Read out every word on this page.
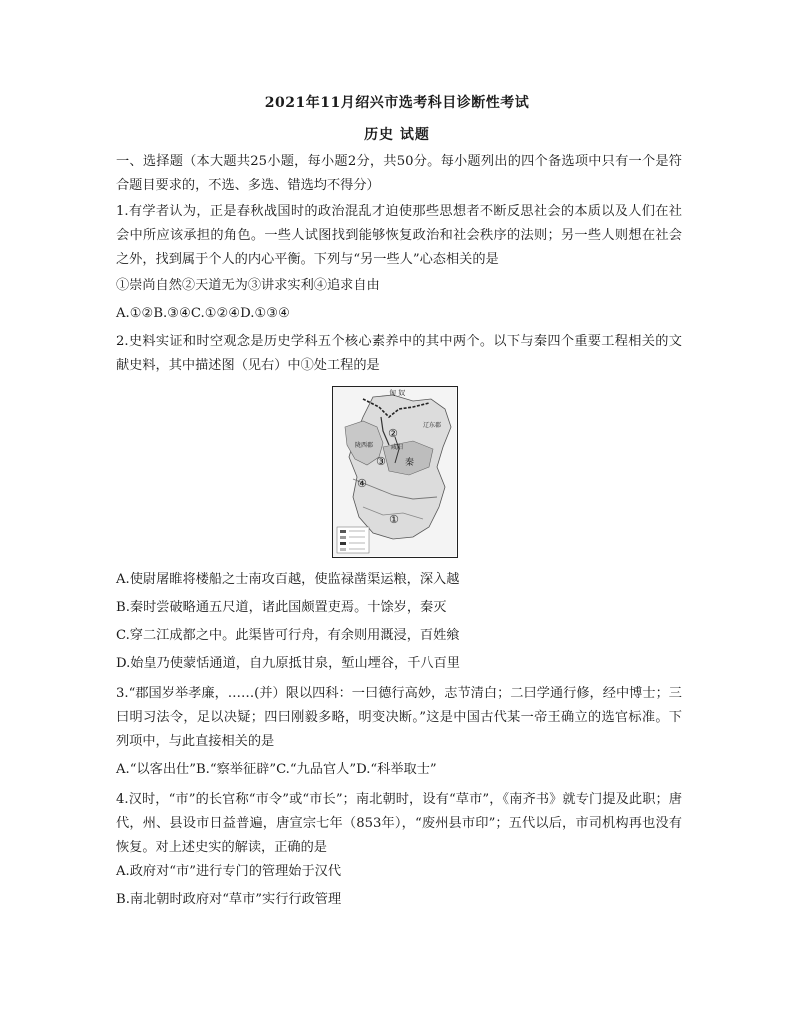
2021年11月绍兴市选考科目诊断性考试
历史 试题
一、选择题（本大题共25小题，每小题2分，共50分。每小题列出的四个备选项中只有一个是符合题目要求的，不选、多选、错选均不得分）
1.有学者认为，正是春秋战国时的政治混乱才迫使那些思想者不断反思社会的本质以及人们在社会中所应该承担的角色。一些人试图找到能够恢复政治和社会秩序的法则；另一些人则想在社会之外，找到属于个人的内心平衡。下列与“另一些人”心态相关的是
①崇尚自然②天道无为③讲求实利④追求自由
A.①②B.③④C.①②④D.①③④
2.史料实证和时空观念是历史学科五个核心素养中的其中两个。以下与秦四个重要工程相关的文献史料，其中描述图（见右）中①处工程的是
匈 奴
辽东郡
陇西郡	咸阳
秦
②
③
④
①
A.使尉屠睢将楼船之士南攻百越，使监禄凿渠运粮，深入越
B.秦时尝破略通五尺道，诸此国颇置吏焉。十馀岁，秦灭
C.穿二江成都之中。此渠皆可行舟，有余则用溉浸，百姓飨
D.始皇乃使蒙恬通道，自九原抵甘泉，堑山堙谷，千八百里
3.“郡国岁举孝廉，……(并）限以四科：一曰德行高妙，志节清白；二曰学通行修，经中博士；三曰明习法令，足以决疑；四曰刚毅多略，明变决断。”这是中国古代某一帝王确立的选官标准。下列项中，与此直接相关的是
A.“以客出仕”B.“察举征辟”C.“九品官人”D.“科举取士”
4.汉时，“市”的长官称“市令”或“市长”；南北朝时，设有“草市”，《南齐书》就专门提及此职；唐代，州、县设市日益普遍，唐宣宗七年（853年），“废州县市印”；五代以后，市司机构再也没有恢复。对上述史实的解读，正确的是
A.政府对“市”进行专门的管理始于汉代
B.南北朝时政府对“草市”实行行政管理
